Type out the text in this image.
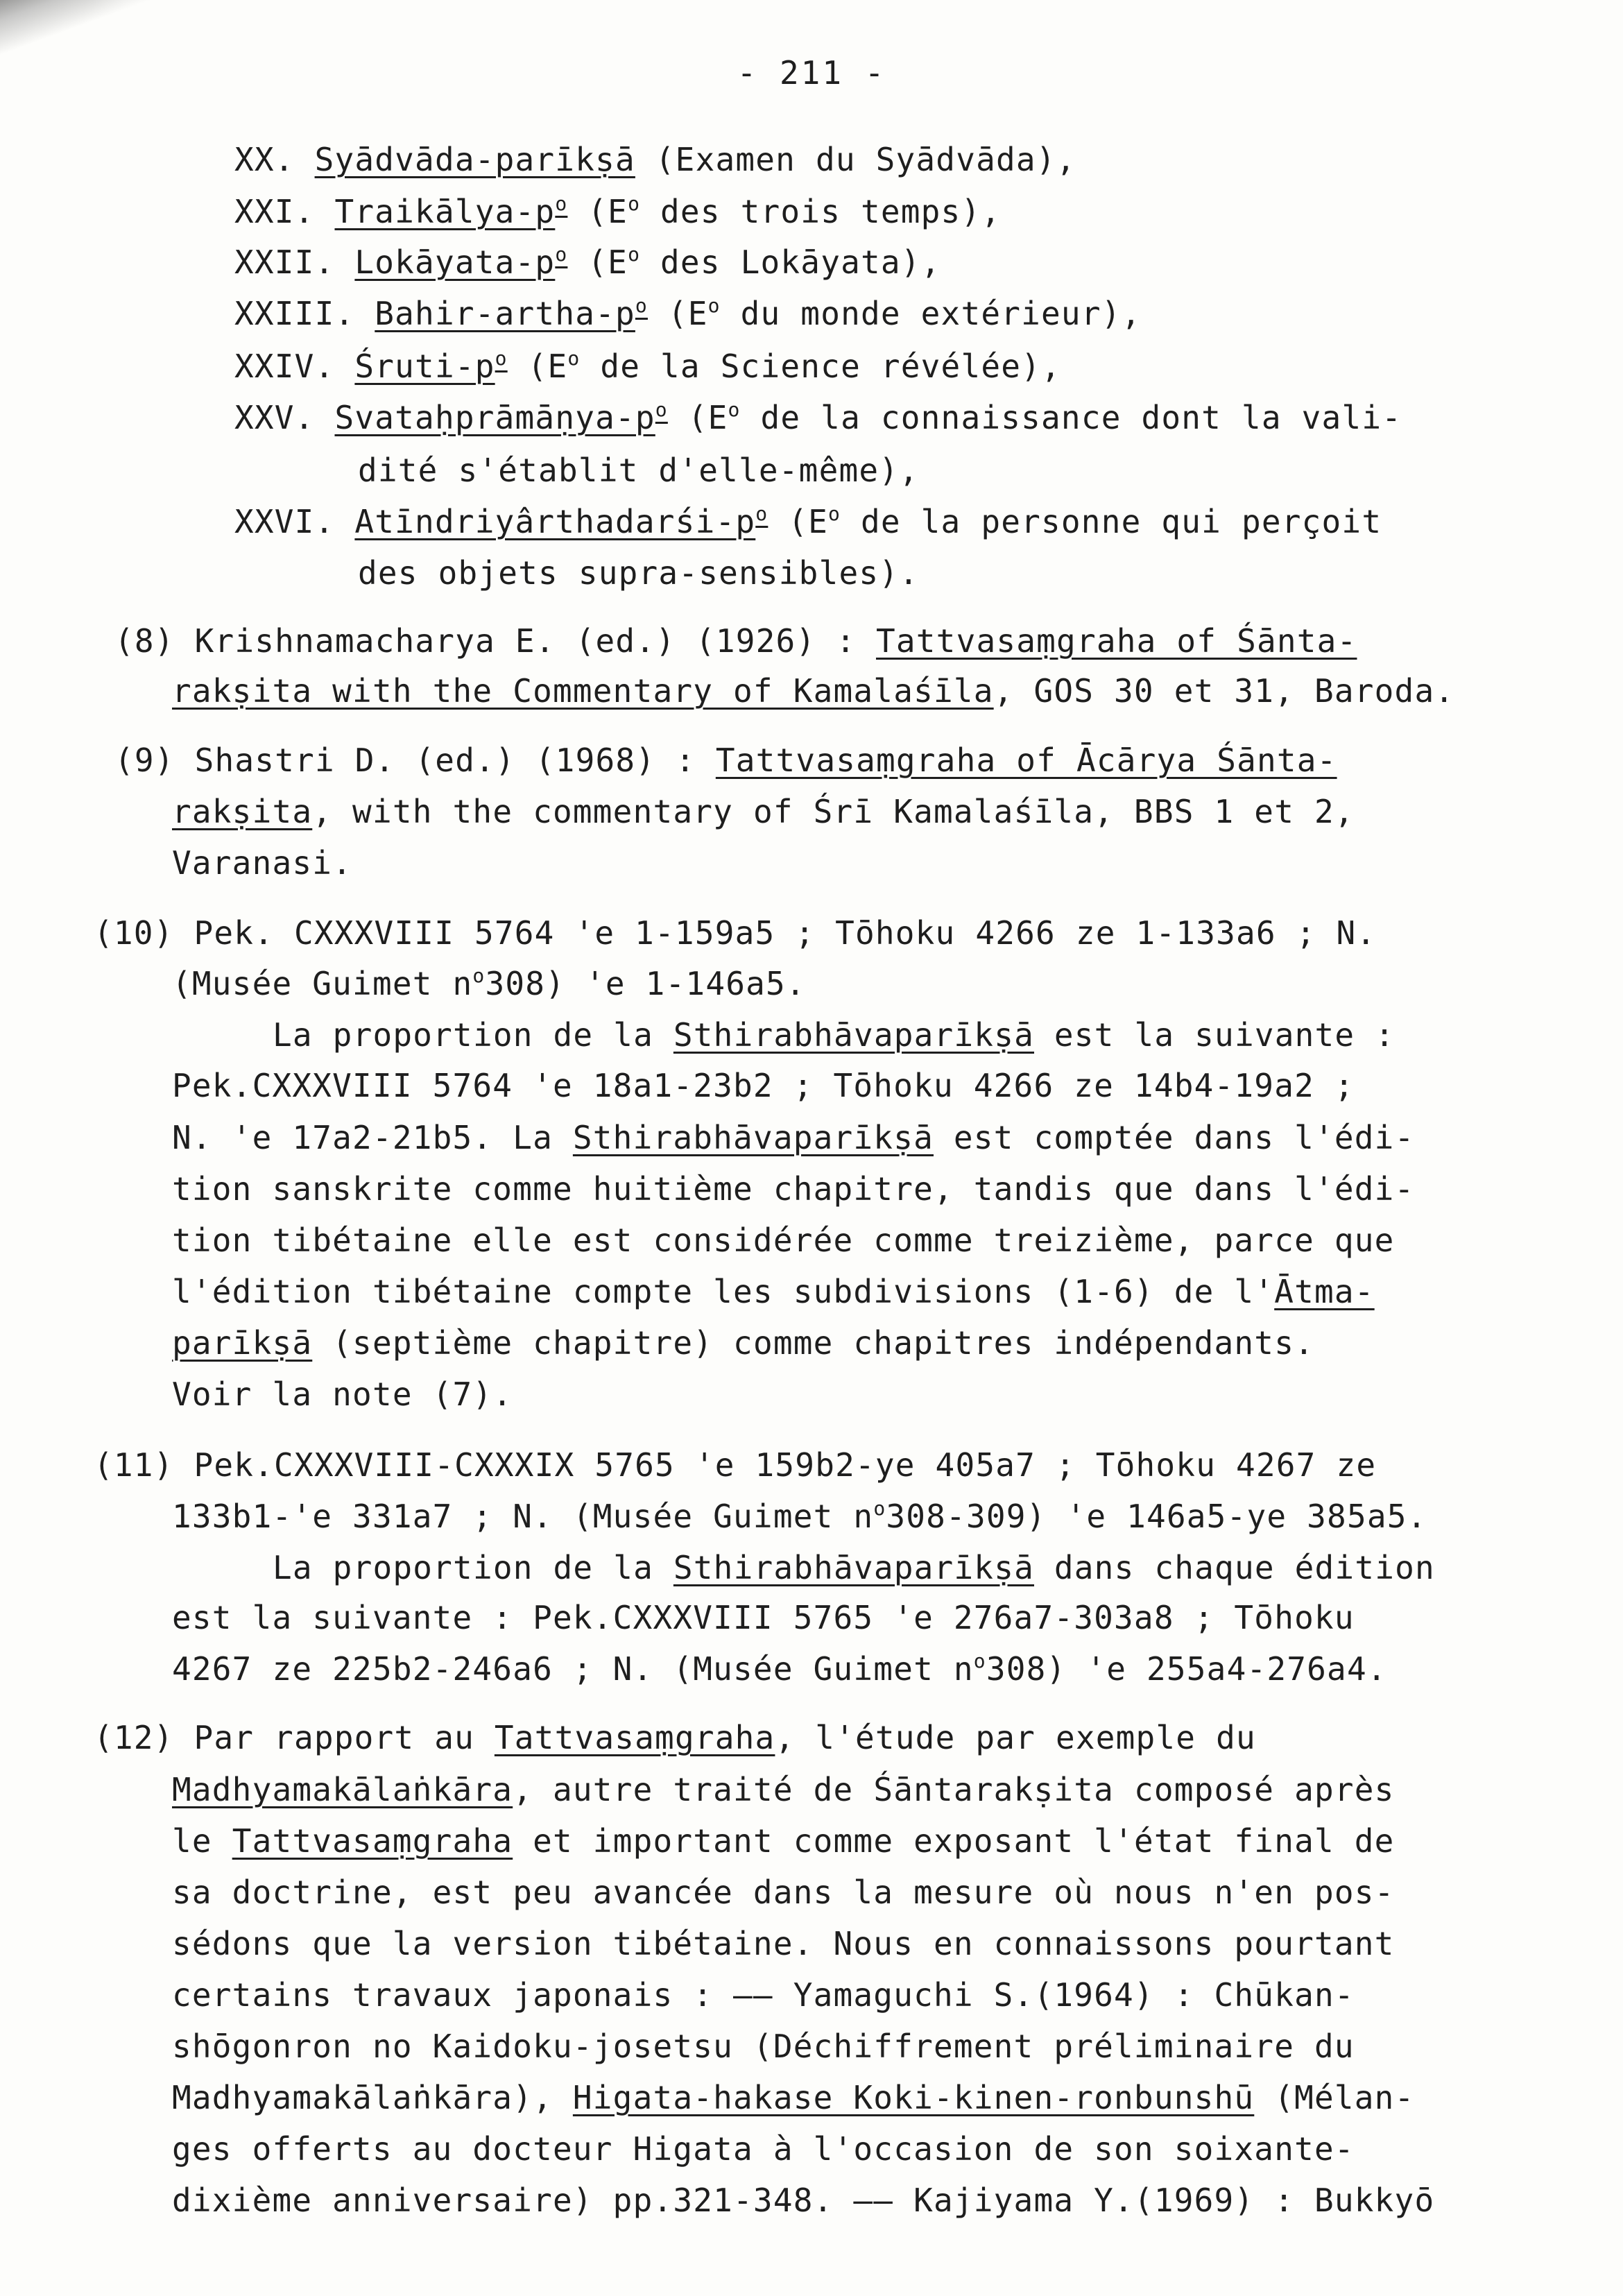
- 211 -
XX. Syādvāda-parīkṣā (Examen du Syādvāda),
XXI. Traikālya-$p^o$ ($E^o$ des trois temps),
XXII. Lokāyata-$p^o$ ($E^o$ des Lokāyata),
XXIII. Bahir-$artha-p^o$ ($E^o$ du monde extérieur),
XXIV. Śruti-$p^o$ ($E^o$ de la Science révélée),
XXV. Svataḥprāmāṇya-$p^o$ ($E^o$ de la connaissance dont la vali-
dité s'établit d'elle-même),
XXVI. Atīndriyârthadarśi-$p^o$ ($E^o$ de la personne qui perçoit
des objets supra-sensibles).
(8) Krishnamacharya E. (ed.) (1926) : Tattvasaṃgraha of Śānta-
rakṣita with the Commentary of Kamalaśīla, GOS 30 et 31, Baroda.
(9) Shastri D. (ed.) (1968) : Tattvasaṃgraha of Ācārya Śānta-
rakṣita, with the commentary of Śrī Kamalaśīla, BBS 1 et 2,
Varanasi.
(10) Pek. CXXXVIII 5764 'e 1-159a5 ; Tōhoku 4266 ze 1-133a6 ; N.
(Musée Guimet $n^o308$) 'e 1-146a5.
La proportion de la Sthirabhāvaparīkṣā est la suivante :
Pek.CXXXVIII 5764 'e 18a1-23b2 ; Tōhoku 4266 ze 14b4-19a2 ;
N. 'e 17a2-21b5. La Sthirabhāvaparīkṣā est comptée dans l'édi-
tion sanskrite comme huitième chapitre, tandis que dans l'édi-
tion tibétaine elle est considérée comme treizième, parce que
l'édition tibétaine compte les subdivisions (1-6) de l'Ātma-
parīkṣā (septième chapitre) comme chapitres indépendants.
Voir la note (7).
(11) Pek.CXXXVIII-CXXXIX 5765 'e 159b2-ye 405a7 ; Tōhoku 4267 ze
133b1-'e 331a7 ; N. (Musée Guimet $n^o308-309$) 'e 146a5-ye 385a5.
La proportion de la Sthirabhāvaparīkṣā dans chaque édition
est la suivante : Pek.CXXXVIII 5765 'e 276a7-303a8 ; Tōhoku
4267 ze 225b2-246a6 ; N. (Musée Guimet $n^o308$) 'e 255a4-276a4.
(12) Par rapport au Tattvasaṃgraha, l'étude par exemple du
Madhyamakālaṅkāra, autre traité de Śāntarakṣita composé après
le Tattvasaṃgraha et important comme exposant l'état final de
sa doctrine, est peu avancée dans la mesure où nous n'en pos-
sédons que la version tibétaine. Nous en connaissons pourtant
certains travaux japonais : —— Yamaguchi S.(1964) : Chūkan-
shōgonron no Kaidoku-josetsu (Déchiffrement préliminaire du
Madhyamakālaṅkāra), Higata-hakase Koki-kinen-ronbunshū (Mélan-
ges offerts au docteur Higata à l'occasion de son soixante-
dixième anniversaire) pp.321-348. —— Kajiyama Y.(1969) : Bukkyō
